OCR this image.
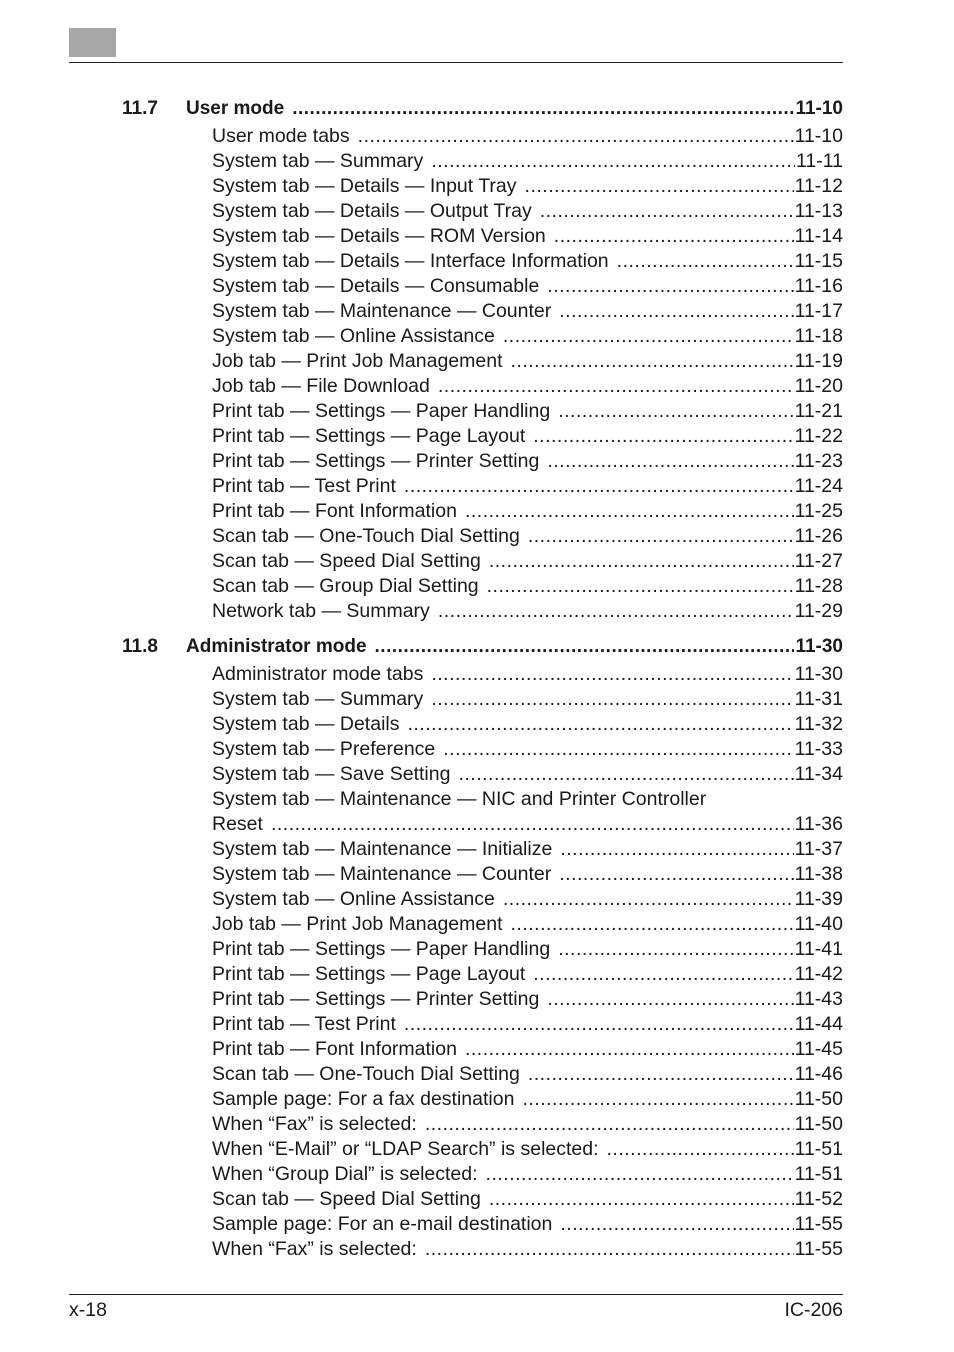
11.7 User mode .....	11-10
User mode tabs .....	11-10
System tab — Summary .....	11-11
System tab — Details — Input Tray .....	11-12
System tab — Details — Output Tray .....	11-13
System tab — Details — ROM Version .....	11-14
System tab — Details — Interface Information .....	11-15
System tab — Details — Consumable .....	11-16
System tab — Maintenance — Counter .....	11-17
System tab — Online Assistance .....	11-18
Job tab — Print Job Management .....	11-19
Job tab — File Download .....	11-20
Print tab — Settings — Paper Handling .....	11-21
Print tab — Settings — Page Layout .....	11-22
Print tab — Settings — Printer Setting .....	11-23
Print tab — Test Print .....	11-24
Print tab — Font Information .....	11-25
Scan tab — One-Touch Dial Setting .....	11-26
Scan tab — Speed Dial Setting .....	11-27
Scan tab — Group Dial Setting .....	11-28
Network tab — Summary .....	11-29
11.8 Administrator mode .....	11-30
Administrator mode tabs .....	11-30
System tab — Summary .....	11-31
System tab — Details .....	11-32
System tab — Preference .....	11-33
System tab — Save Setting .....	11-34
System tab — Maintenance — NIC and Printer Controller
Reset .....	11-36
System tab — Maintenance — Initialize .....	11-37
System tab — Maintenance — Counter .....	11-38
System tab — Online Assistance .....	11-39
Job tab — Print Job Management .....	11-40
Print tab — Settings — Paper Handling .....	11-41
Print tab — Settings — Page Layout .....	11-42
Print tab — Settings — Printer Setting .....	11-43
Print tab — Test Print .....	11-44
Print tab — Font Information .....	11-45
Scan tab — One-Touch Dial Setting .....	11-46
Sample page: For a fax destination .....	11-50
When “Fax” is selected: .....	11-50
When “E-Mail” or “LDAP Search” is selected: .....	11-51
When “Group Dial” is selected: .....	11-51
Scan tab — Speed Dial Setting .....	11-52
Sample page: For an e-mail destination .....	11-55
When “Fax” is selected: .....	11-55
x-18	IC-206
